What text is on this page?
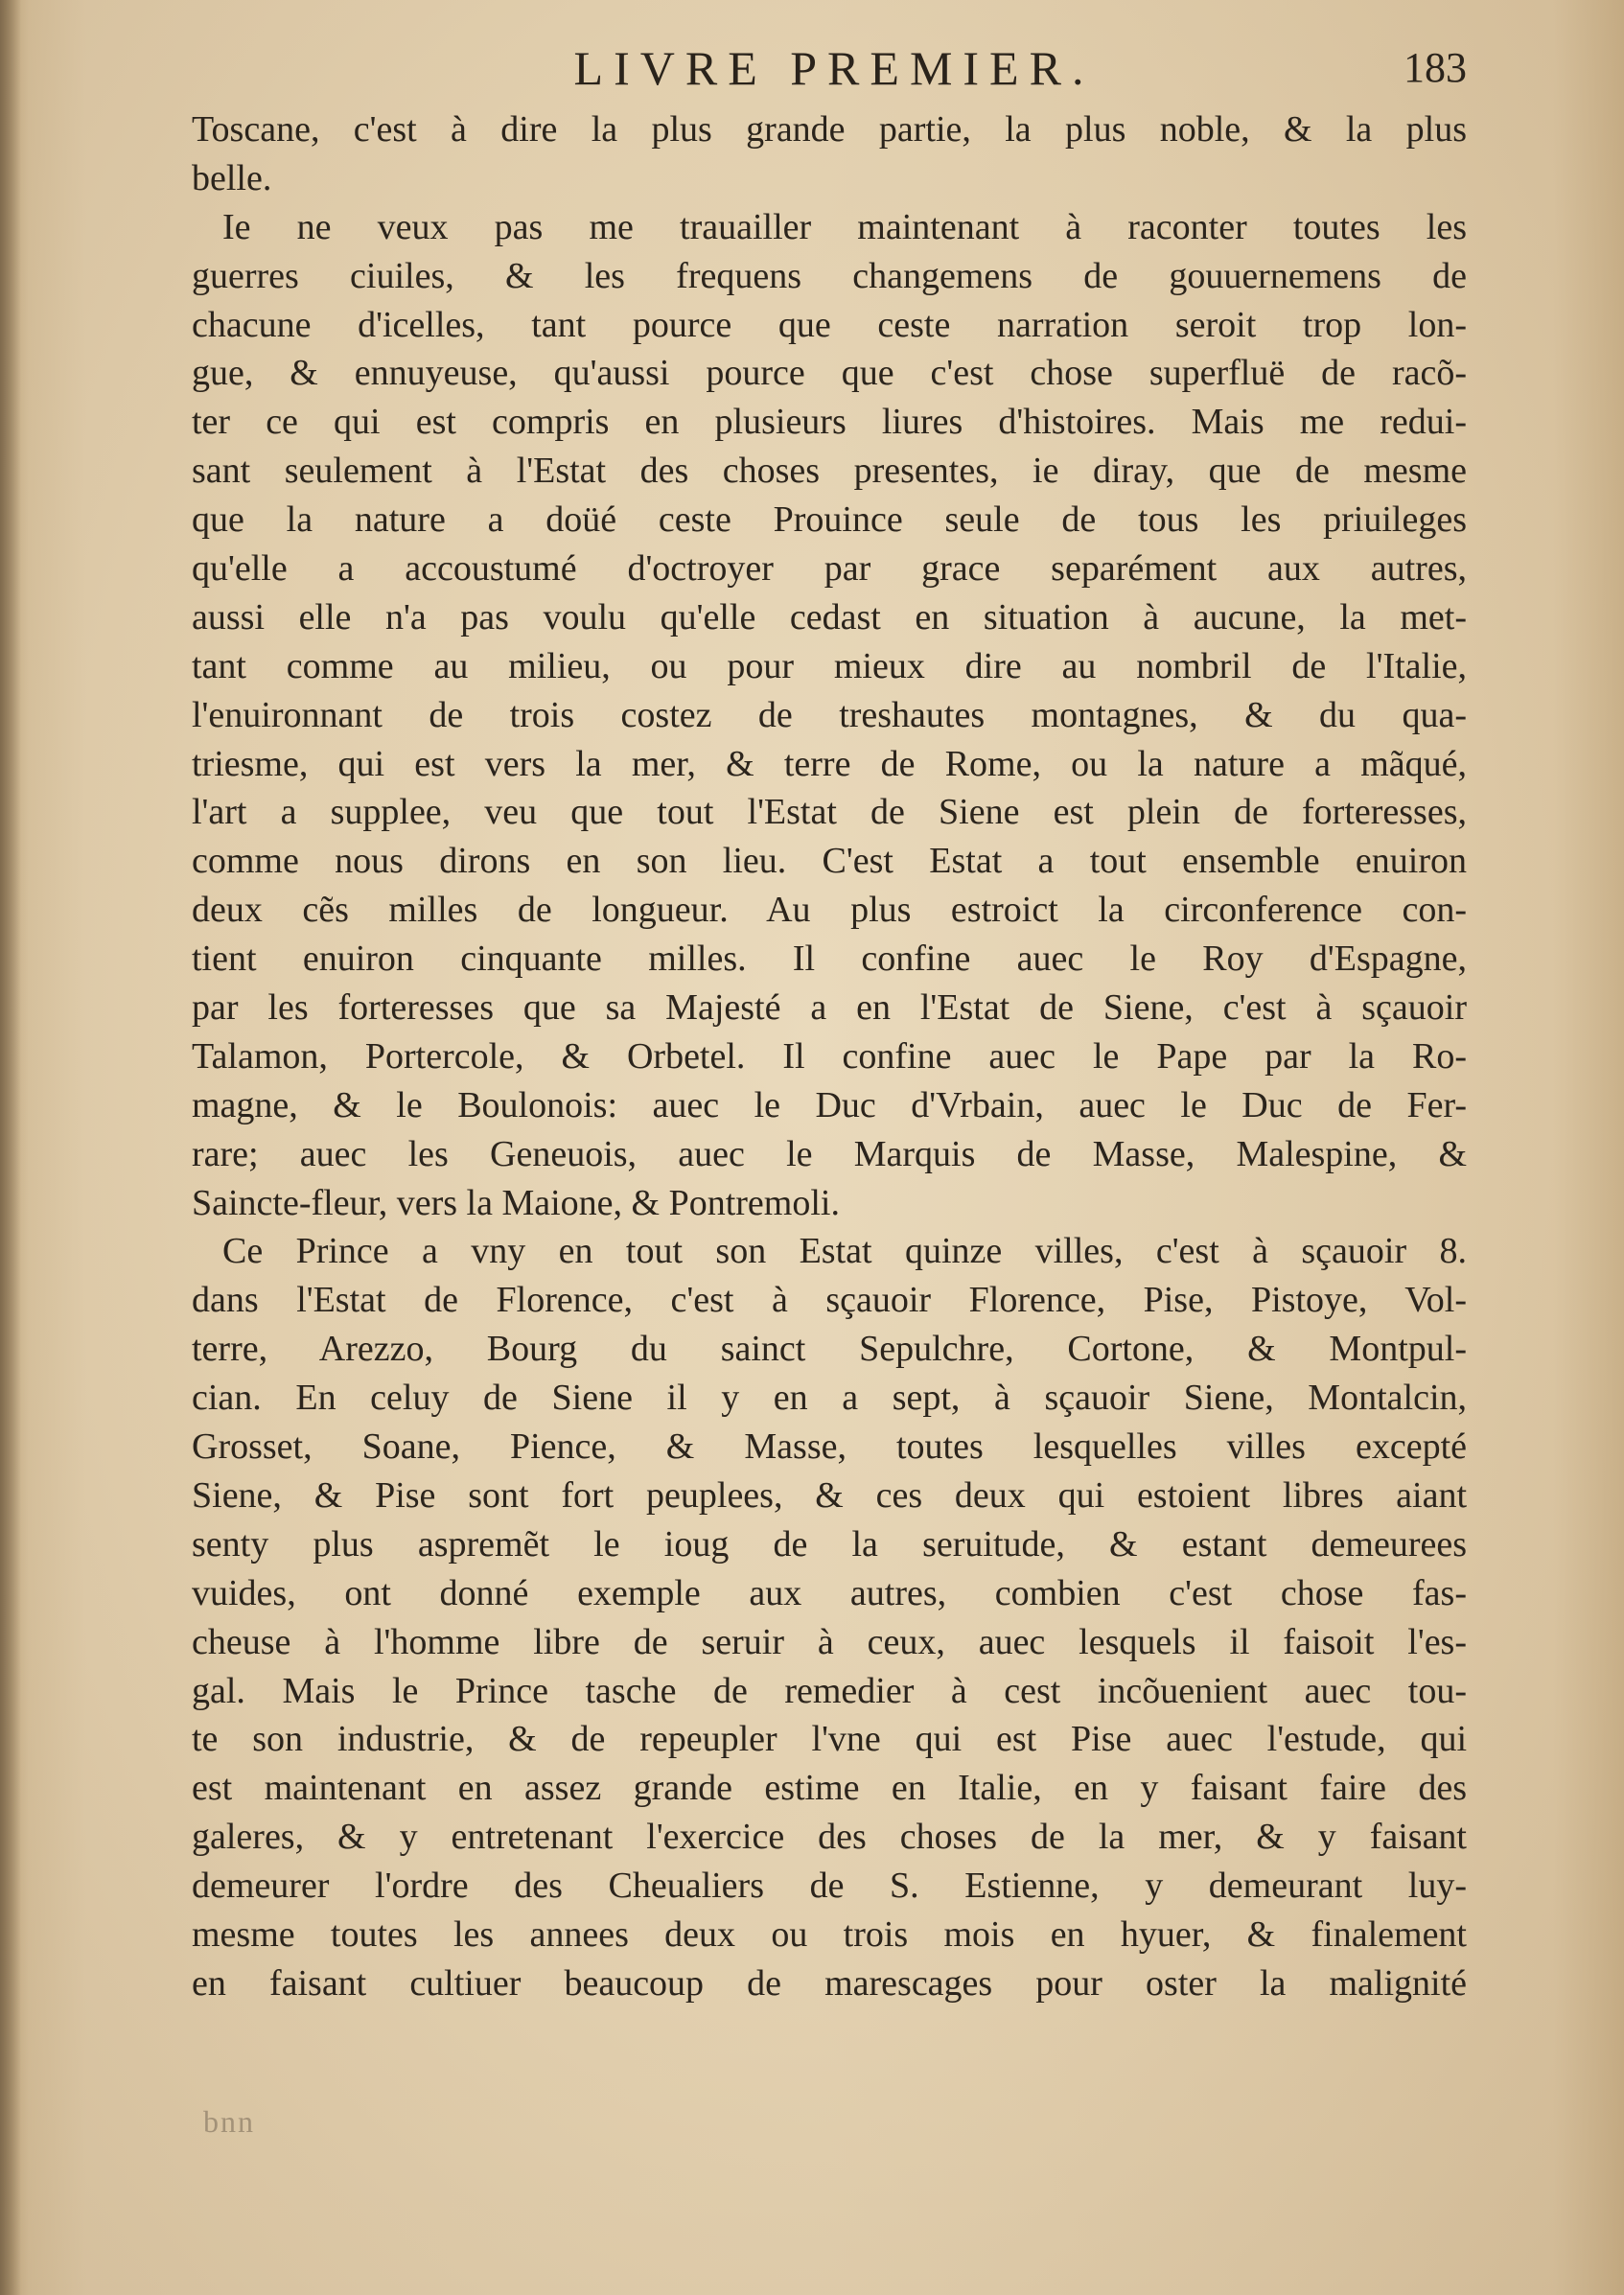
LIVRE PREMIER.	183
Toscane, c'est à dire la plus grande partie, la plus noble, & la plus
belle.
Ie ne veux pas me trauailler maintenant à raconter toutes les
guerres ciuiles, & les frequens changemens de gouuernemens de
chacune d'icelles, tant pource que ceste narration seroit trop lon-
gue, & ennuyeuse, qu'aussi pource que c'est chose superfluë de racõ-
ter ce qui est compris en plusieurs liures d'histoires. Mais me redui-
sant seulement à l'Estat des choses presentes, ie diray, que de mesme
que la nature a doüé ceste Prouince seule de tous les priuileges
qu'elle a accoustumé d'octroyer par grace separément aux autres,
aussi elle n'a pas voulu qu'elle cedast en situation à aucune, la met-
tant comme au milieu, ou pour mieux dire au nombril de l'Italie,
l'enuironnant de trois costez de treshautes montagnes, & du qua-
triesme, qui est vers la mer, & terre de Rome, ou la nature a mãqué,
l'art a supplee, veu que tout l'Estat de Siene est plein de forteresses,
comme nous dirons en son lieu. C'est Estat a tout ensemble enuiron
deux cẽs milles de longueur. Au plus estroict la circonference con-
tient enuiron cinquante milles. Il confine auec le Roy d'Espagne,
par les forteresses que sa Majesté a en l'Estat de Siene, c'est à sçauoir
Talamon, Portercole, & Orbetel. Il confine auec le Pape par la Ro-
magne, & le Boulonois: auec le Duc d'Vrbain, auec le Duc de Fer-
rare; auec les Geneuois, auec le Marquis de Masse, Malespine, &
Saincte-fleur, vers la Maione, & Pontremoli.
Ce Prince a vny en tout son Estat quinze villes, c'est à sçauoir 8.
dans l'Estat de Florence, c'est à sçauoir Florence, Pise, Pistoye, Vol-
terre, Arezzo, Bourg du sainct Sepulchre, Cortone, & Montpul-
cian. En celuy de Siene il y en a sept, à sçauoir Siene, Montalcin,
Grosset, Soane, Pience, & Masse, toutes lesquelles villes excepté
Siene, & Pise sont fort peuplees, & ces deux qui estoient libres aiant
senty plus aspremẽt le ioug de la seruitude, & estant demeurees
vuides, ont donné exemple aux autres, combien c'est chose fas-
cheuse à l'homme libre de seruir à ceux, auec lesquels il faisoit l'es-
gal. Mais le Prince tasche de remedier à cest incõuenient auec tou-
te son industrie, & de repeupler l'vne qui est Pise auec l'estude, qui
est maintenant en assez grande estime en Italie, en y faisant faire des
galeres, & y entretenant l'exercice des choses de la mer, & y faisant
demeurer l'ordre des Cheualiers de S. Estienne, y demeurant luy-
mesme toutes les annees deux ou trois mois en hyuer, & finalement
en faisant cultiuer beaucoup de marescages pour oster la malignité
bnn
